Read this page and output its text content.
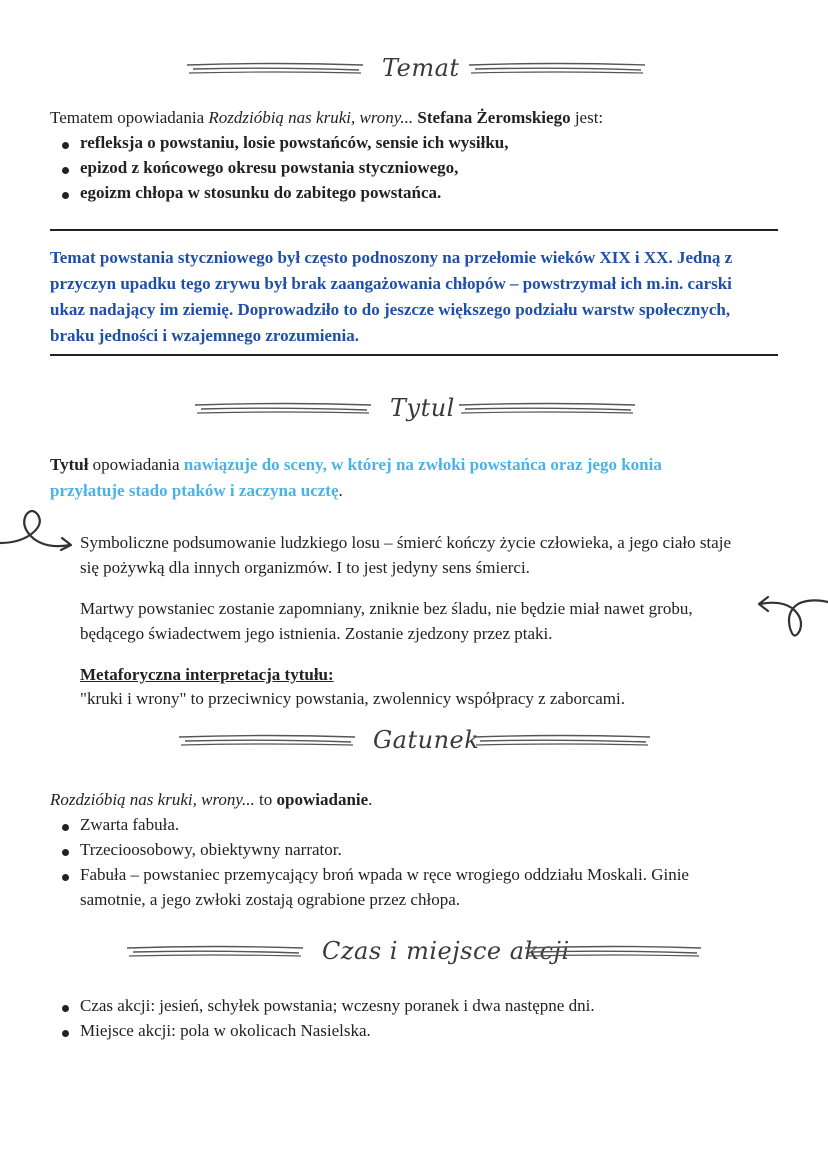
Temat
Tematem opowiadania Rozdzióbią nas kruki, wrony... Stefana Żeromskiego jest:
refleksja o powstaniu, losie powstańców, sensie ich wysiłku,
epizod z końcowego okresu powstania styczniowego,
egoizm chłopa w stosunku do zabitego powstańca.
Temat powstania styczniowego był często podnoszony na przełomie wieków XIX i XX. Jedną z
przyczyn upadku tego zrywu był brak zaangażowania chłopów – powstrzymał ich m.in. carski
ukaz nadający im ziemię. Doprowadziło to do jeszcze większego podziału warstw społecznych,
braku jedności i wzajemnego zrozumienia.
Tytul
Tytuł opowiadania nawiązuje do sceny, w której na zwłoki powstańca oraz jego konia
przyłatuje stado ptaków i zaczyna ucztę.
Symboliczne podsumowanie ludzkiego losu – śmierć kończy życie człowieka, a jego ciało staje
się pożywką dla innych organizmów. I to jest jedyny sens śmierci.
Martwy powstaniec zostanie zapomniany, zniknie bez śladu, nie będzie miał nawet grobu,
będącego świadectwem jego istnienia. Zostanie zjedzony przez ptaki.
Metaforyczna interpretacja tytułu:
"kruki i wrony" to przeciwnicy powstania, zwolennicy współpracy z zaborcami.
Gatunek
Rozdzióbią nas kruki, wrony... to opowiadanie.
Zwarta fabuła.
Trzecioosobowy, obiektywny narrator.
Fabuła – powstaniec przemycający broń wpada w ręce wrogiego oddziału Moskali. Ginie
samotnie, a jego zwłoki zostają ograbione przez chłopa.
Czas i miejsce akcji
Czas akcji: jesień, schyłek powstania; wczesny poranek i dwa następne dni.
Miejsce akcji: pola w okolicach Nasielska.
